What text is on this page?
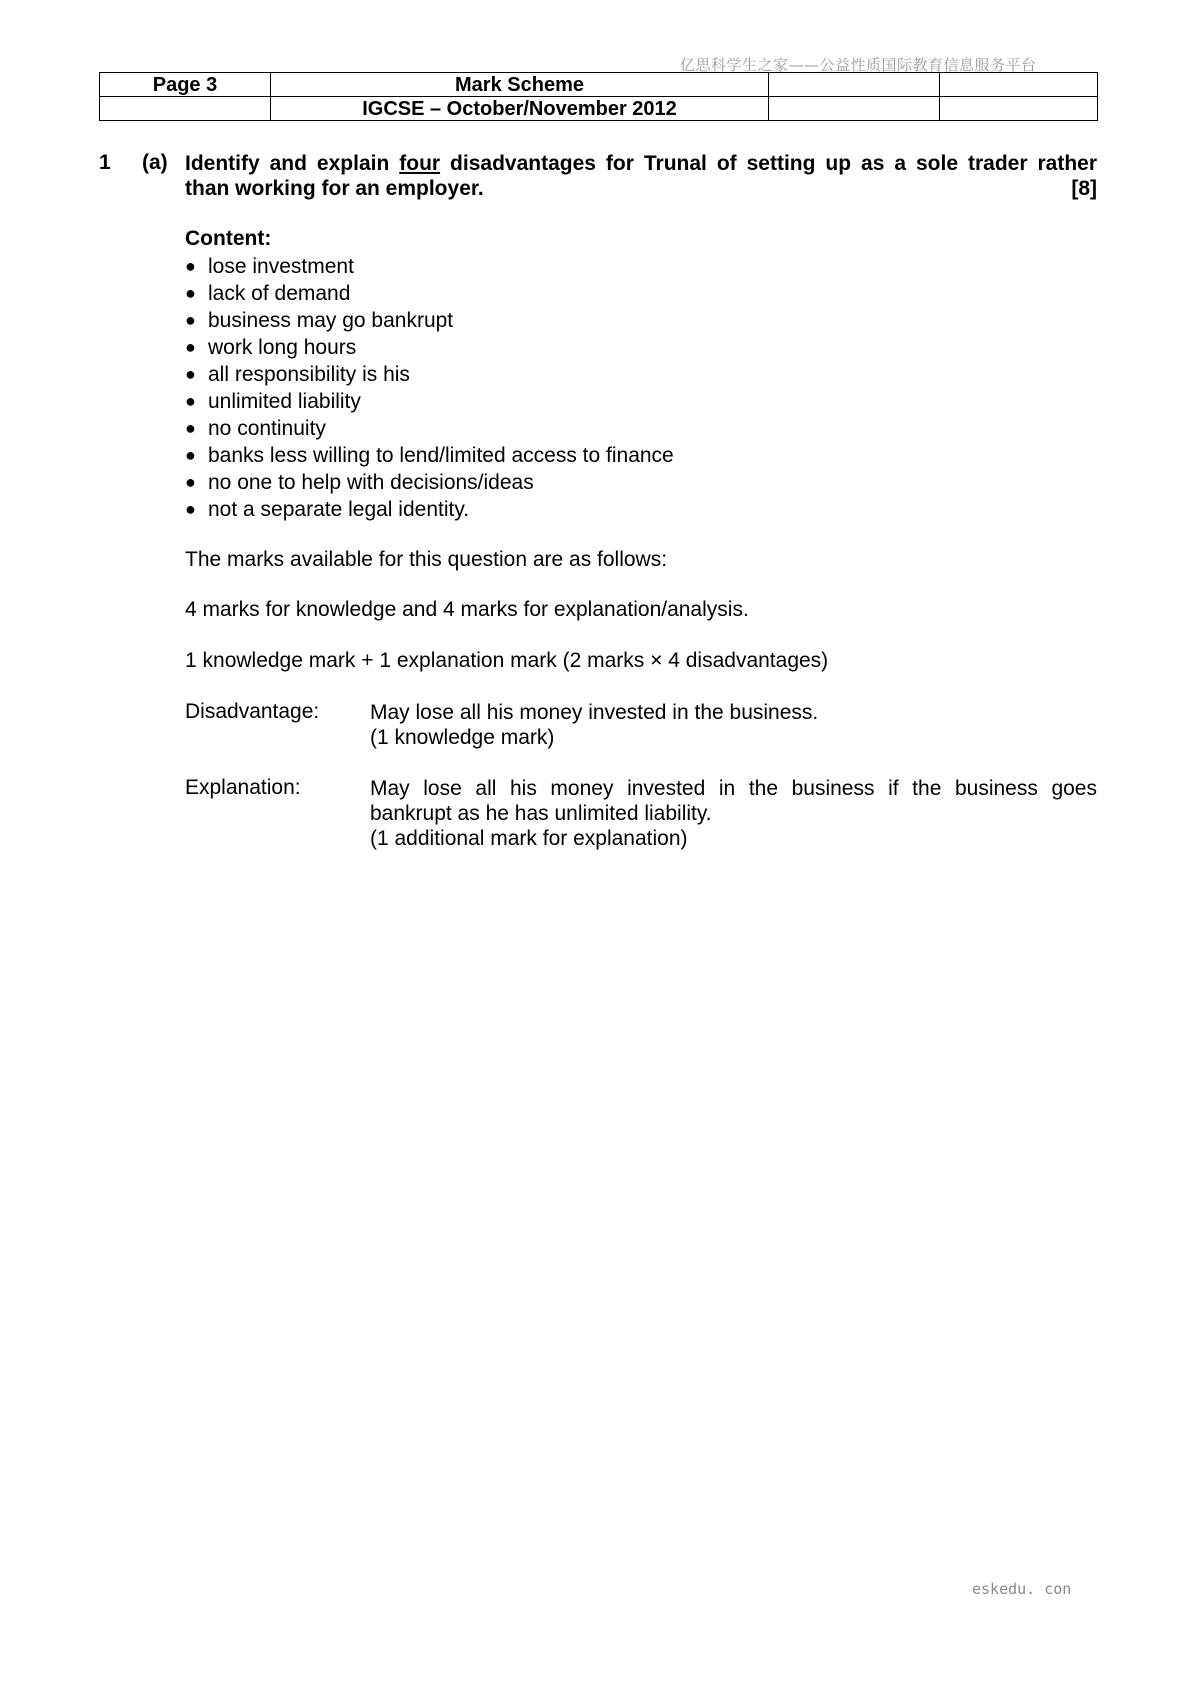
亿思科学生之家——公益性质国际教育信息服务平台
Page 3	Mark Scheme		
	IGCSE – October/November 2012		
1 (a) Identify and explain four disadvantages for Trunal of setting up as a sole trader rather
than working for an employer.	[8]
Content:
● lose investment
● lack of demand
● business may go bankrupt
● work long hours
● all responsibility is his
● unlimited liability
● no continuity
● banks less willing to lend/limited access to finance
● no one to help with decisions/ideas
● not a separate legal identity.
The marks available for this question are as follows:
4 marks for knowledge and 4 marks for explanation/analysis.
1 knowledge mark + 1 explanation mark (2 marks × 4 disadvantages)
Disadvantage: May lose all his money invested in the business.
(1 knowledge mark)
Explanation:	May lose all his money invested in the business if the business goes
bankrupt as he has unlimited liability.
(1 additional mark for explanation)
eskedu. con
